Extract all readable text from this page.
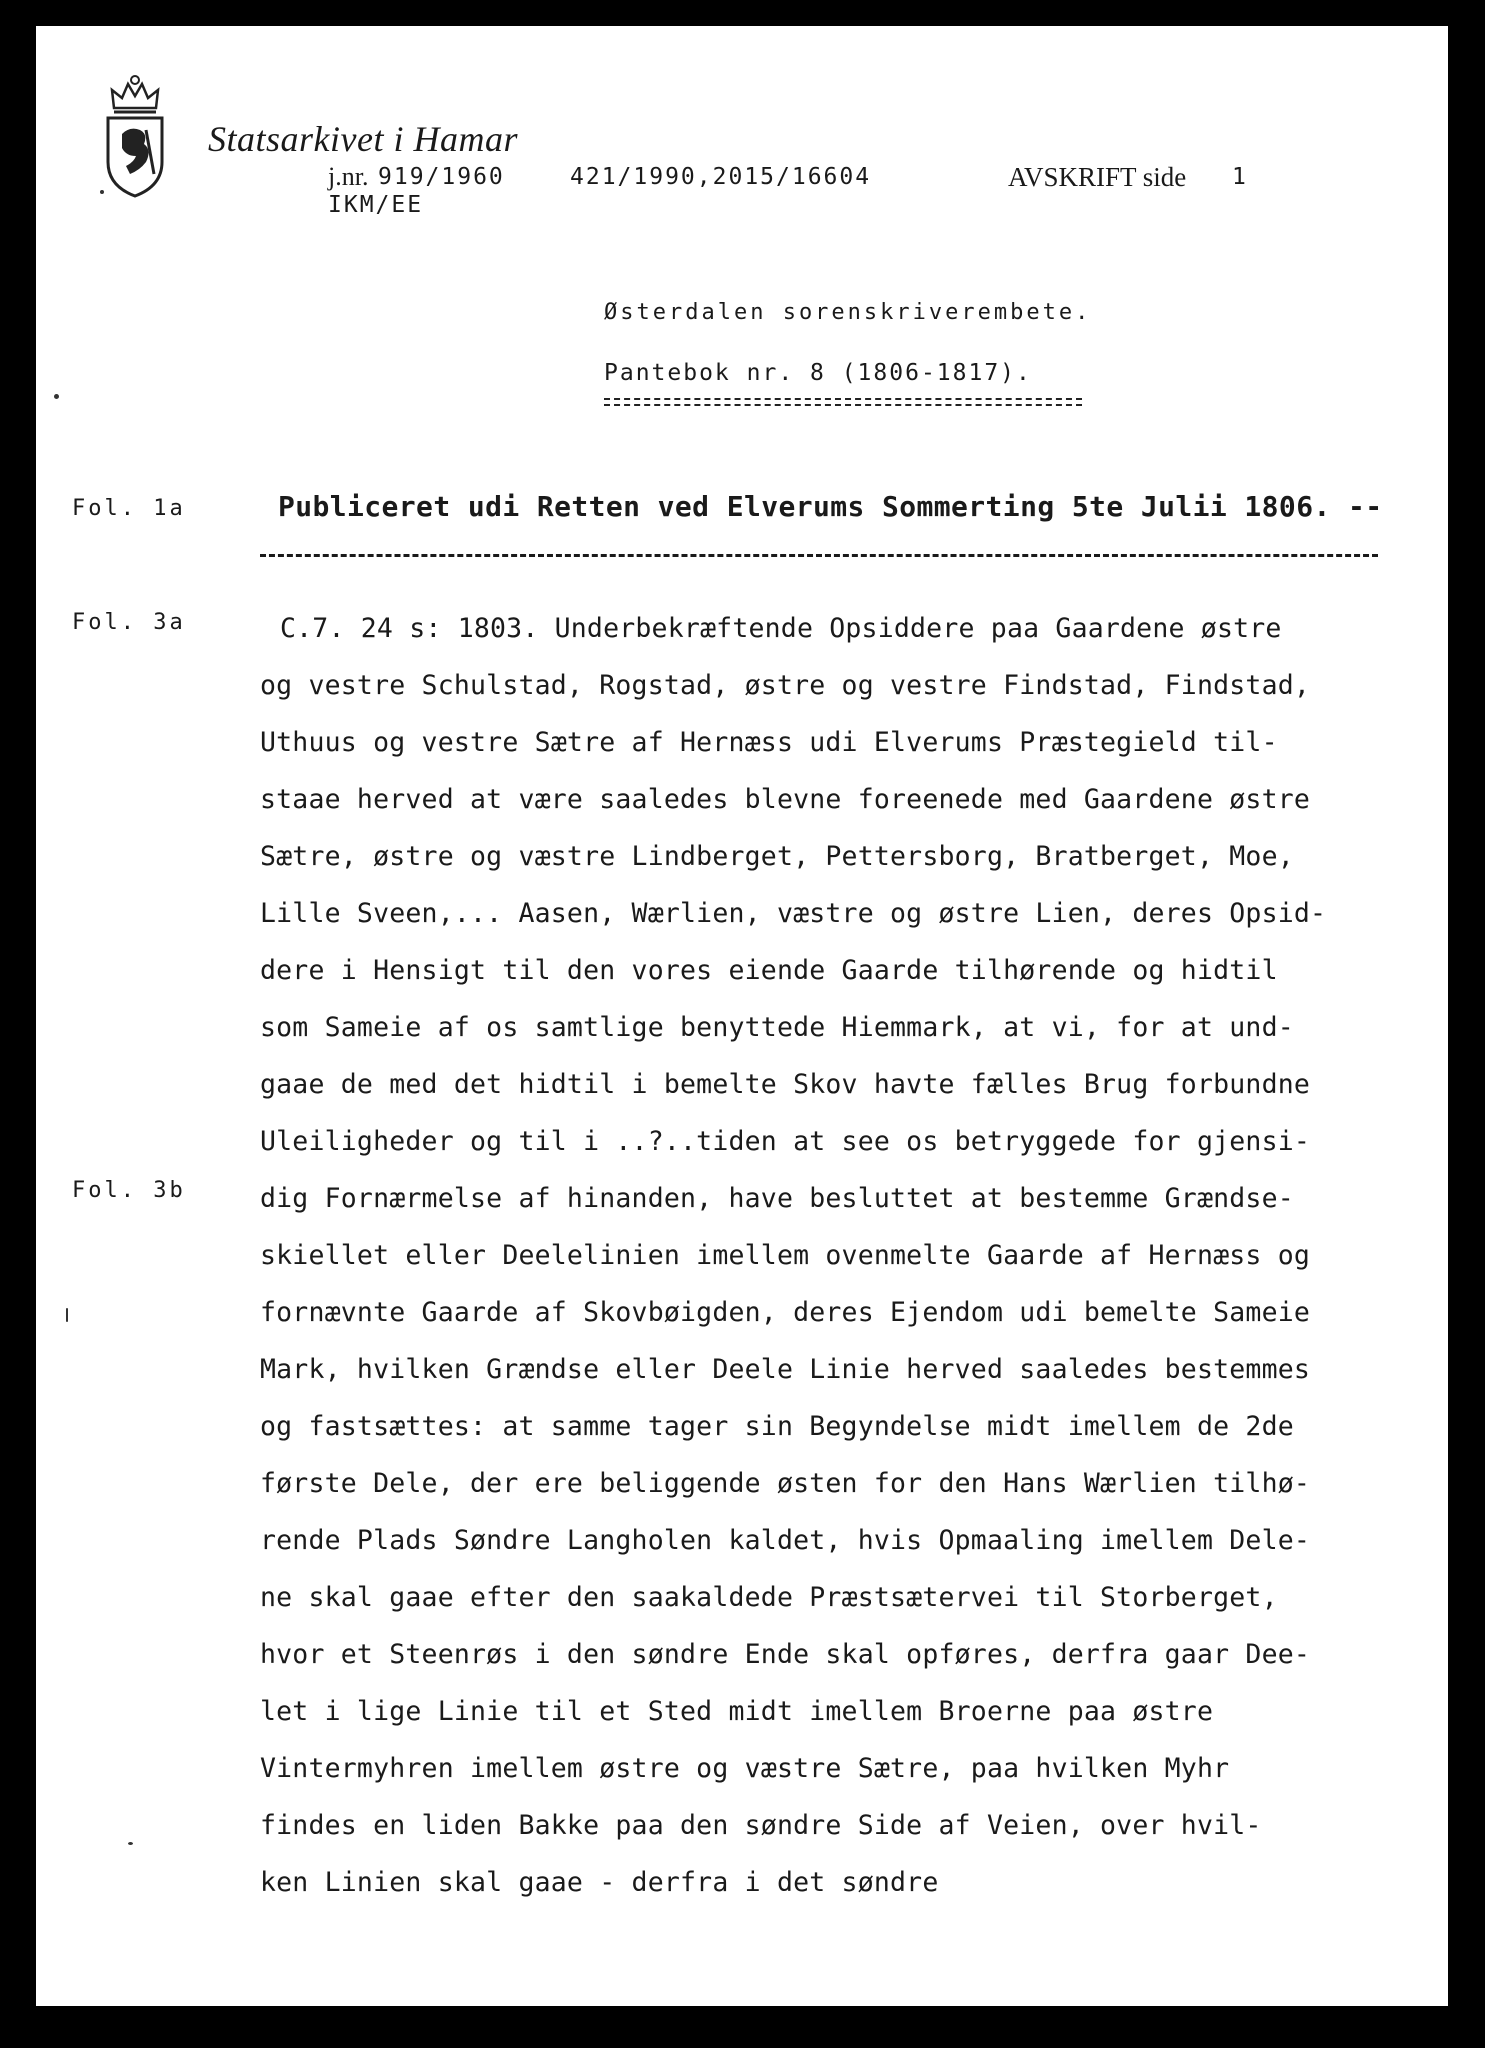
Statsarkivet i Hamar
j.nr. 919/1960	421/1990,2015/16604
IKM/EE
AVSKRIFT side 1
Østerdalen sorenskriverembete.
Pantebok nr. 8 (1806-1817).
Fol. 1a	Publiceret udi Retten ved Elverums Sommerting 5te Julii 1806. --
Fol. 3a
Fol. 3b
C.7. 24 s: 1803. Underbekræftende Opsiddere paa Gaardene østre
og vestre Schulstad, Rogstad, østre og vestre Findstad, Findstad,
Uthuus og vestre Sætre af Hernæss udi Elverums Præstegield til-
staae herved at være saaledes blevne foreenede med Gaardene østre
Sætre, østre og væstre Lindberget, Pettersborg, Bratberget, Moe,
Lille Sveen,... Aasen, Wærlien, væstre og østre Lien, deres Opsid-
dere i Hensigt til den vores eiende Gaarde tilhørende og hidtil
som Sameie af os samtlige benyttede Hiemmark, at vi, for at und-
gaae de med det hidtil i bemelte Skov havte fælles Brug forbundne
Uleiligheder og til i ..?..tiden at see os betryggede for gjensi-
dig Fornærmelse af hinanden, have besluttet at bestemme Grændse-
skiellet eller Deelelinien imellem ovenmelte Gaarde af Hernæss og
fornævnte Gaarde af Skovbøigden, deres Ejendom udi bemelte Sameie
Mark, hvilken Grændse eller Deele Linie herved saaledes bestemmes
og fastsættes: at samme tager sin Begyndelse midt imellem de 2de
første Dele, der ere beliggende østen for den Hans Wærlien tilhø-
rende Plads Søndre Langholen kaldet, hvis Opmaaling imellem Dele-
ne skal gaae efter den saakaldede Præstsætervei til Storberget,
hvor et Steenrøs i den søndre Ende skal opføres, derfra gaar Dee-
let i lige Linie til et Sted midt imellem Broerne paa østre
Vintermyhren imellem østre og væstre Sætre, paa hvilken Myhr
findes en liden Bakke paa den søndre Side af Veien, over hvil-
ken Linien skal gaae - derfra i det søndre
